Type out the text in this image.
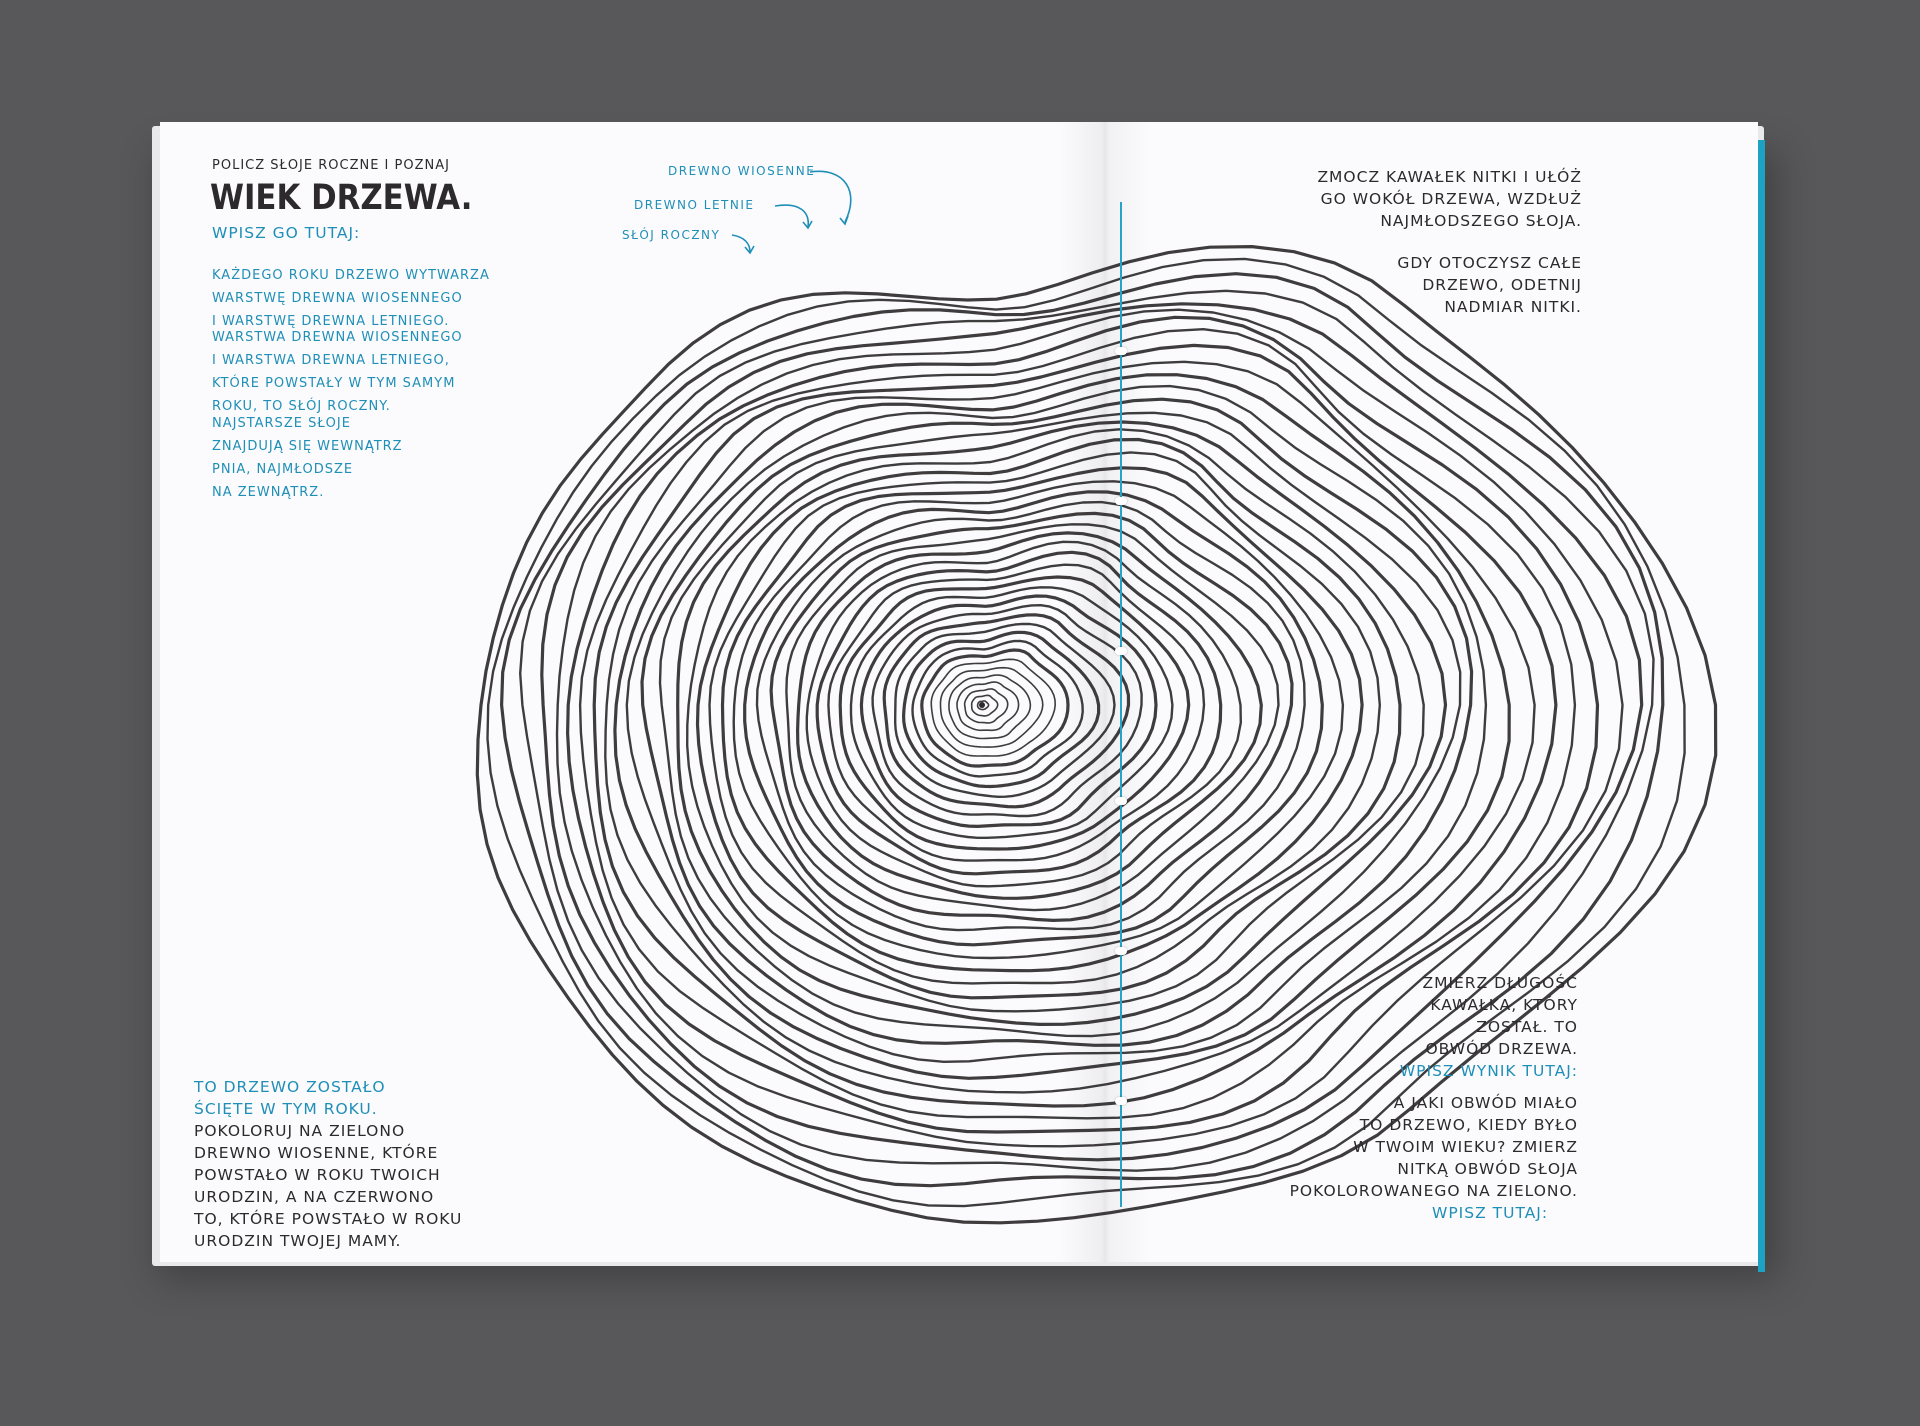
POLICZ SŁOJE ROCZNE I POZNAJ

WIEK DRZEWA.

WPISZ GO TUTAJ:

KAŻDEGO ROKU DRZEWO WYTWARZA
WARSTWĘ DREWNA WIOSENNEGO
I WARSTWĘ DREWNA LETNIEGO.

WARSTWA DREWNA WIOSENNEGO
I WARSTWA DREWNA LETNIEGO,
KTÓRE POWSTAŁY W TYM SAMYM
ROKU, TO SŁÓJ ROCZNY.

NAJSTARSZE SŁOJE
ZNAJDUJĄ SIĘ WEWNĄTRZ
PNIA, NAJMŁODSZE
NA ZEWNĄTRZ.

DREWNO WIOSENNE

DREWNO LETNIE

SŁÓJ ROCZNY

ZMOCZ KAWAŁEK NITKI I UŁÓŻ
GO WOKÓŁ DRZEWA, WZDŁUŻ
NAJMŁODSZEGO SŁOJA.

GDY OTOCZYSZ CAŁE
DRZEWO, ODETNIJ
NADMIAR NITKI.

ZMIERZ DŁUGOŚĆ
KAWAŁKA, KTÓRY
ZOSTAŁ. TO
OBWÓD DRZEWA.

WPISZ WYNIK TUTAJ:

A JAKI OBWÓD MIAŁO
TO DRZEWO, KIEDY BYŁO
W TWOIM WIEKU? ZMIERZ
NITKĄ OBWÓD SŁOJA
POKOLOROWANEGO NA ZIELONO.

WPISZ TUTAJ:

TO DRZEWO ZOSTAŁO
ŚCIĘTE W TYM ROKU.

POKOLORUJ NA ZIELONO
DREWNO WIOSENNE, KTÓRE
POWSTAŁO W ROKU TWOICH
URODZIN, A NA CZERWONO
TO, KTÓRE POWSTAŁO W ROKU
URODZIN TWOJEJ MAMY.
